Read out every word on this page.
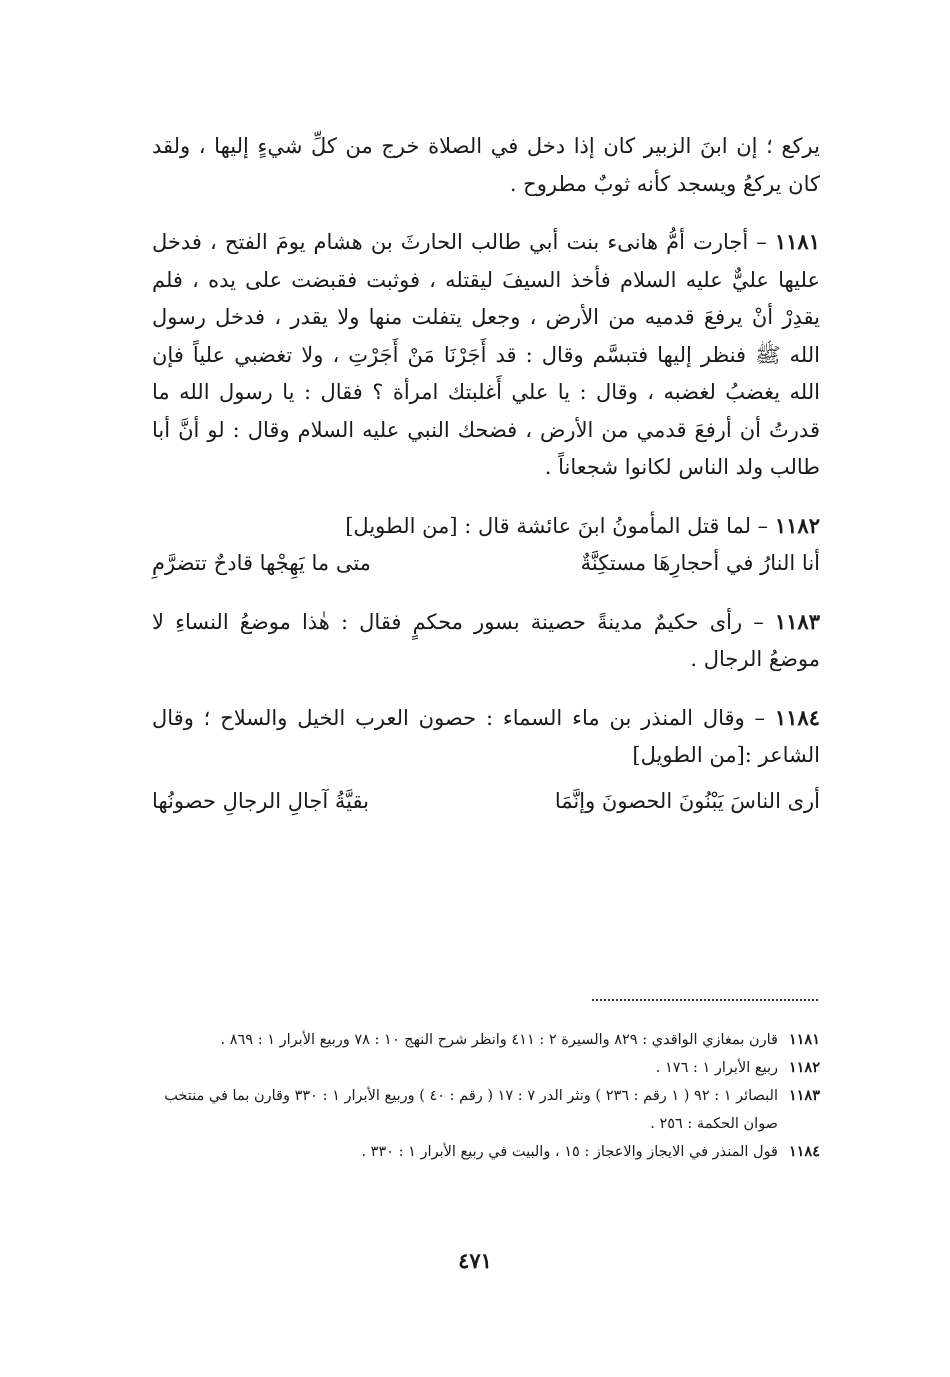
يركع ؛ إن ابنَ الزبير كان إذا دخل في الصلاة خرج من كلِّ شيءٍ إليها ، ولقد كان يركعُ ويسجد كأنه ثوبٌ مطروح .

١١٨١ – أجارت أمُّ هانىء بنت أبي طالب الحارثَ بن هشام يومَ الفتح ، فدخل عليها عليٌّ عليه السلام فأخذ السيفَ ليقتله ، فوثبت فقبضت على يده ، فلم يقدِرْ أنْ يرفعَ قدميه من الأرض ، وجعل يتفلت منها ولا يقدر ، فدخل رسول الله ﷺ فنظر إليها فتبسَّم وقال : قد أَجَرْنَا مَنْ أَجَرْتِ ، ولا تغضبي علياً فإن الله يغضبُ لغضبه ، وقال : يا علي أَغلبتك امرأة ؟ فقال : يا رسول الله ما قدرتُ أن أرفعَ قدمي من الأرض ، فضحك النبي عليه السلام وقال : لو أنَّ أبا طالب ولد الناس لكانوا شجعاناً .

١١٨٢ – لما قتل المأمونُ ابنَ عائشة قال : [من الطويل]

أنا النارُ في أحجارِهَا مستكِنَّةٌ
متى ما يَهِجْها قادحٌ تتضرَّمِ

١١٨٣ – رأى حكيمٌ مدينةً حصينة بسور محكمٍ فقال : هٰذا موضعُ النساءِ لا موضعُ الرجال .

١١٨٤ – وقال المنذر بن ماء السماء : حصون العرب الخيل والسلاح ؛ وقال الشاعر :[من الطويل]

أرى الناسَ يَبْنُونَ الحصونَ وإنَّمَا
بقيَّةُ آجالِ الرجالِ حصونُها
١١٨١
قارن بمغازي الواقدي : ٨٢٩ والسيرة ٢ : ٤١١ وانظر شرح النهج ١٠ : ٧٨ وربيع الأبرار ١ : ٨٦٩ .
١١٨٢
ربيع الأبرار ١ : ١٧٦ .
١١٨٣
البصائر ١ : ٩٢ ( ١ رقم : ٢٣٦ ) ونثر الدر ٧ : ١٧ ( رقم : ٤٠ ) وربيع الأبرار ١ : ٣٣٠ وقارن بما في منتخب صوان الحكمة : ٢٥٦ .
١١٨٤
قول المنذر في الايجاز والاعجاز : ١٥ ، والبيت في ربيع الأبرار ١ : ٣٣٠ .
٤٧١
